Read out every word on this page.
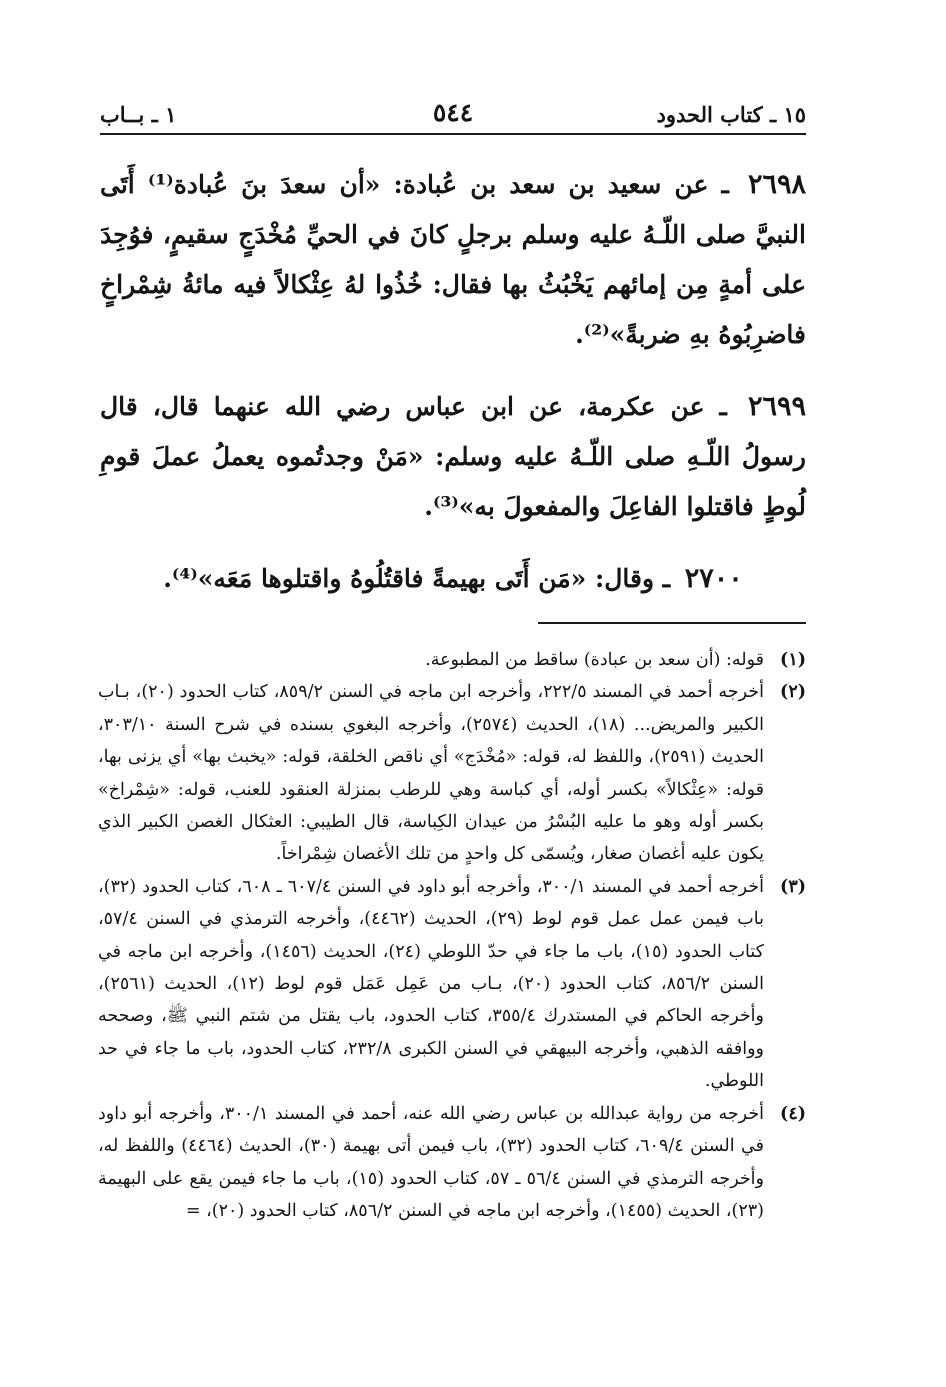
١٥ ـ كتاب الحدود
٥٤٤
١ ـ بــاب

٢٦٩٨ ـ عن سعيد بن سعد بن عُبادة: «أن سعدَ بنَ عُبادة⁽¹⁾ أَتَى النبيَّ صلى اللّـهُ عليه وسلم برجلٍ كانَ في الحيِّ مُخْدَجٍ سقيمٍ، فوُجِدَ على أمةٍ مِن إمائهم يَخْبُثُ بها فقال: خُذُوا لهُ عِثْكالاً فيه مائةُ شِمْراخٍ فاضرِبُوهُ بهِ ضربةً»⁽²⁾.

٢٦٩٩ ـ عن عكرمة، عن ابن عباس رضي الله عنهما قال، قال رسولُ اللّـهِ صلى اللّـهُ عليه وسلم: «مَنْ وجدتُموه يعملُ عملَ قومِ لُوطٍ فاقتلوا الفاعِلَ والمفعولَ به»⁽³⁾.

٢٧٠٠ ـ وقال: «مَن أَتَى بهيمةً فاقتُلُوهُ واقتلوها مَعَه»⁽⁴⁾.

(١)
قوله: (أن سعد بن عبادة) ساقط من المطبوعة.

(٢)
أخرجه أحمد في المسند ٢٢٢/٥، وأخرجه ابن ماجه في السنن ٨٥٩/٢، كتاب الحدود (٢٠)، بـاب الكبير والمريض... (١٨)، الحديث (٢٥٧٤)، وأخرجه البغوي بسنده في شرح السنة ٣٠٣/١٠، الحديث (٢٥٩١)، واللفظ له، قوله: «مُخْدَج» أي ناقص الخلقة، قوله: «يخبث بها» أي يزنى بها، قوله: «عِثْكالاً» بكسر أوله، أي كباسة وهي للرطب بمنزلة العنقود للعنب، قوله: «شِمْراخ» بكسر أوله وهو ما عليه البُسْرُ من عيدان الكِباسة، قال الطيبي: العثكال الغصن الكبير الذي يكون عليه أغصان صغار، ويُسمّى كل واحدٍ من تلك الأغصان شِمْراخاً.

(٣)
أخرجه أحمد في المسند ٣٠٠/١، وأخرجه أبو داود في السنن ٦٠٧/٤ ـ ٦٠٨، كتاب الحدود (٣٢)، باب فيمن عمل عمل قوم لوط (٢٩)، الحديث (٤٤٦٢)، وأخرجه الترمذي في السنن ٥٧/٤، كتاب الحدود (١٥)، باب ما جاء في حدّ اللوطي (٢٤)، الحديث (١٤٥٦)، وأخرجه ابن ماجه في السنن ٨٥٦/٢، كتاب الحدود (٢٠)، بـاب من عَمِل عَمَل قوم لوط (١٢)، الحديث (٢٥٦١)، وأخرجه الحاكم في المستدرك ٣٥٥/٤، كتاب الحدود، باب يقتل من شتم النبي ﷺ، وصححه ووافقه الذهبي، وأخرجه البيهقي في السنن الكبرى ٢٣٢/٨، كتاب الحدود، باب ما جاء في حد اللوطي.

(٤)
أخرجه من رواية عبدالله بن عباس رضي الله عنه، أحمد في المسند ٣٠٠/١، وأخرجه أبو داود في السنن ٦٠٩/٤، كتاب الحدود (٣٢)، باب فيمن أتى بهيمة (٣٠)، الحديث (٤٤٦٤) واللفظ له، وأخرجه الترمذي في السنن ٥٦/٤ ـ ٥٧، كتاب الحدود (١٥)، باب ما جاء فيمن يقع على البهيمة (٢٣)، الحديث (١٤٥٥)، وأخرجه ابن ماجه في السنن ٨٥٦/٢، كتاب الحدود (٢٠)، =
